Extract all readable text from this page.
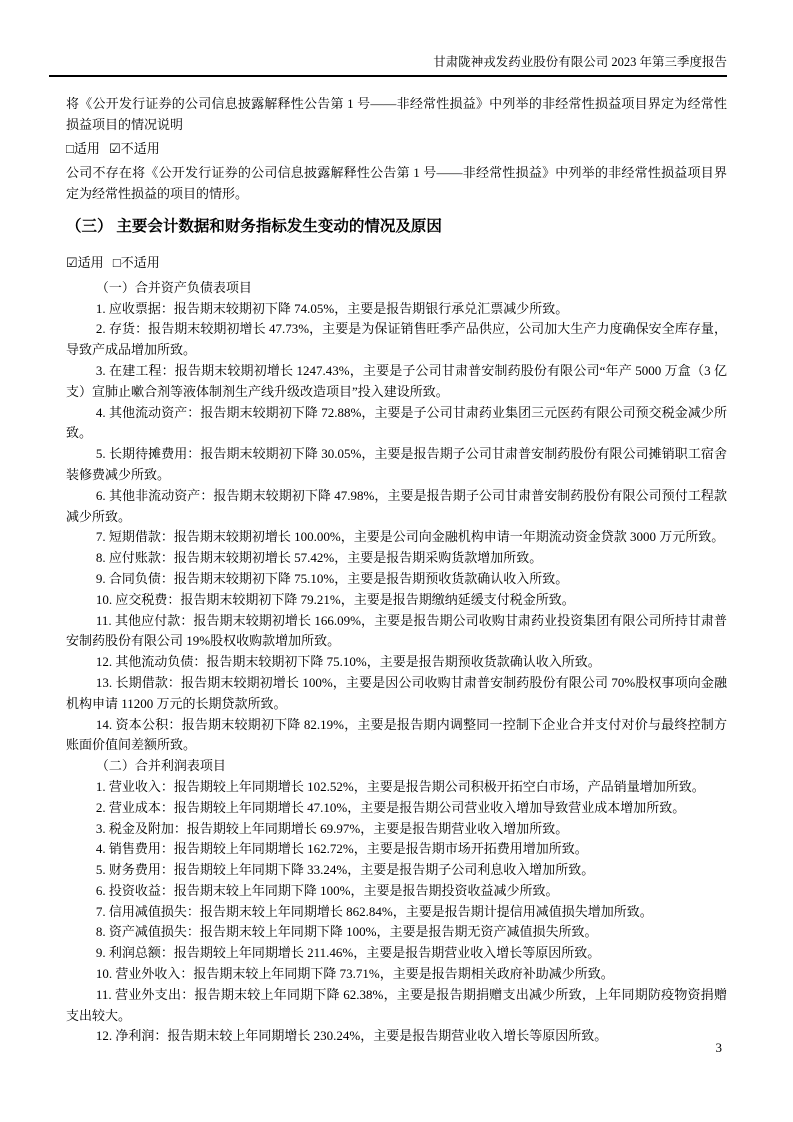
甘肃陇神戎发药业股份有限公司 2023 年第三季度报告

将《公开发行证券的公司信息披露解释性公告第 1 号——非经常性损益》中列举的非经常性损益项目界定为经常性损益项目的情况说明

□适用 ☑不适用

公司不存在将《公开发行证券的公司信息披露解释性公告第 1 号——非经常性损益》中列举的非经常性损益项目界定为经常性损益的项目的情形。

（三） 主要会计数据和财务指标发生变动的情况及原因

☑适用 □不适用

（一）合并资产负债表项目

1. 应收票据：报告期末较期初下降 74.05%，主要是报告期银行承兑汇票减少所致。

2. 存货：报告期末较期初增长 47.73%，主要是为保证销售旺季产品供应，公司加大生产力度确保安全库存量，导致产成品增加所致。

3. 在建工程：报告期末较期初增长 1247.43%，主要是子公司甘肃普安制药股份有限公司“年产 5000 万盒（3 亿支）宣肺止嗽合剂等液体制剂生产线升级改造项目”投入建设所致。

4. 其他流动资产：报告期末较期初下降 72.88%，主要是子公司甘肃药业集团三元医药有限公司预交税金减少所致。

5. 长期待摊费用：报告期末较期初下降 30.05%，主要是报告期子公司甘肃普安制药股份有限公司摊销职工宿舍装修费减少所致。

6. 其他非流动资产：报告期末较期初下降 47.98%，主要是报告期子公司甘肃普安制药股份有限公司预付工程款减少所致。

7. 短期借款：报告期末较期初增长 100.00%，主要是公司向金融机构申请一年期流动资金贷款 3000 万元所致。

8. 应付账款：报告期末较期初增长 57.42%，主要是报告期采购货款增加所致。

9. 合同负债：报告期末较期初下降 75.10%，主要是报告期预收货款确认收入所致。

10. 应交税费：报告期末较期初下降 79.21%，主要是报告期缴纳延缓支付税金所致。

11. 其他应付款：报告期末较期初增长 166.09%，主要是报告期公司收购甘肃药业投资集团有限公司所持甘肃普安制药股份有限公司 19%股权收购款增加所致。

12. 其他流动负债：报告期末较期初下降 75.10%，主要是报告期预收货款确认收入所致。

13. 长期借款：报告期末较期初增长 100%，主要是因公司收购甘肃普安制药股份有限公司 70%股权事项向金融机构申请 11200 万元的长期贷款所致。

14. 资本公积：报告期末较期初下降 82.19%，主要是报告期内调整同一控制下企业合并支付对价与最终控制方账面价值间差额所致。

（二）合并利润表项目

1. 营业收入：报告期较上年同期增长 102.52%，主要是报告期公司积极开拓空白市场，产品销量增加所致。

2. 营业成本：报告期较上年同期增长 47.10%，主要是报告期公司营业收入增加导致营业成本增加所致。

3. 税金及附加：报告期较上年同期增长 69.97%，主要是报告期营业收入增加所致。

4. 销售费用：报告期较上年同期增长 162.72%，主要是报告期市场开拓费用增加所致。

5. 财务费用：报告期较上年同期下降 33.24%，主要是报告期子公司利息收入增加所致。

6. 投资收益：报告期末较上年同期下降 100%，主要是报告期投资收益减少所致。

7. 信用减值损失：报告期末较上年同期增长 862.84%，主要是报告期计提信用减值损失增加所致。

8. 资产减值损失：报告期末较上年同期下降 100%，主要是报告期无资产减值损失所致。

9. 利润总额：报告期较上年同期增长 211.46%，主要是报告期营业收入增长等原因所致。

10. 营业外收入：报告期末较上年同期下降 73.71%，主要是报告期相关政府补助减少所致。

11. 营业外支出：报告期末较上年同期下降 62.38%，主要是报告期捐赠支出减少所致，上年同期防疫物资捐赠支出较大。

12. 净利润：报告期末较上年同期增长 230.24%，主要是报告期营业收入增长等原因所致。

3
